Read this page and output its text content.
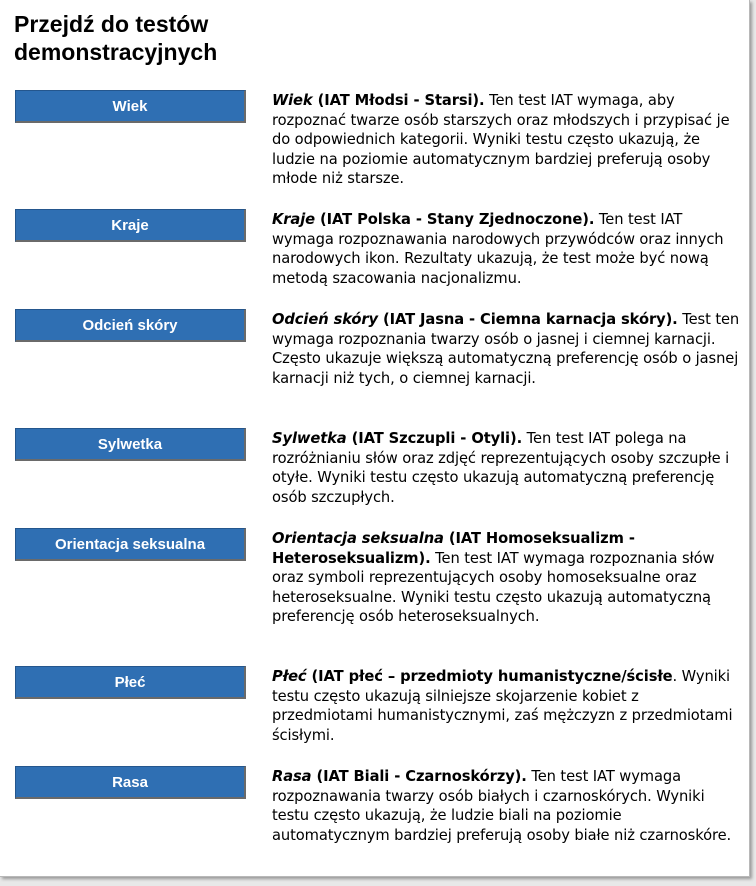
Przejdź do testów demonstracyjnych
Wiek	Wiek (IAT Młodsi - Starsi). Ten test IAT wymaga, aby rozpoznać twarze osób starszych oraz młodszych i przypisać je do odpowiednich kategorii. Wyniki testu często ukazują, że ludzie na poziomie automatycznym bardziej preferują osoby młode niż starsze.

Kraje	Kraje (IAT Polska - Stany Zjednoczone). Ten test IAT wymaga rozpoznawania narodowych przywódców oraz innych narodowych ikon. Rezultaty ukazują, że test może być nową metodą szacowania nacjonalizmu.

Odcień skóry	Odcień skóry (IAT Jasna - Ciemna karnacja skóry). Test ten wymaga rozpoznania twarzy osób o jasnej i ciemnej karnacji. Często ukazuje większą automatyczną preferencję osób o jasnej karnacji niż tych, o ciemnej karnacji.

Sylwetka	Sylwetka (IAT Szczupli - Otyli). Ten test IAT polega na rozróżnianiu słów oraz zdjęć reprezentujących osoby szczupłe i otyłe. Wyniki testu często ukazują automatyczną preferencję osób szczupłych.

Orientacja seksualna	Orientacja seksualna (IAT Homoseksualizm - Heteroseksualizm). Ten test IAT wymaga rozpoznania słów oraz symboli reprezentujących osoby homoseksualne oraz heteroseksualne. Wyniki testu często ukazują automatyczną preferencję osób heteroseksualnych.

Płeć	Płeć (IAT płeć – przedmioty humanistyczne/ścisłe. Wyniki testu często ukazują silniejsze skojarzenie kobiet z przedmiotami humanistycznymi, zaś mężczyzn z przedmiotami ścisłymi.

Rasa	Rasa (IAT Biali - Czarnoskórzy). Ten test IAT wymaga rozpoznawania twarzy osób białych i czarnoskórych. Wyniki testu często ukazują, że ludzie biali na poziomie automatycznym bardziej preferują osoby białe niż czarnoskóre.
